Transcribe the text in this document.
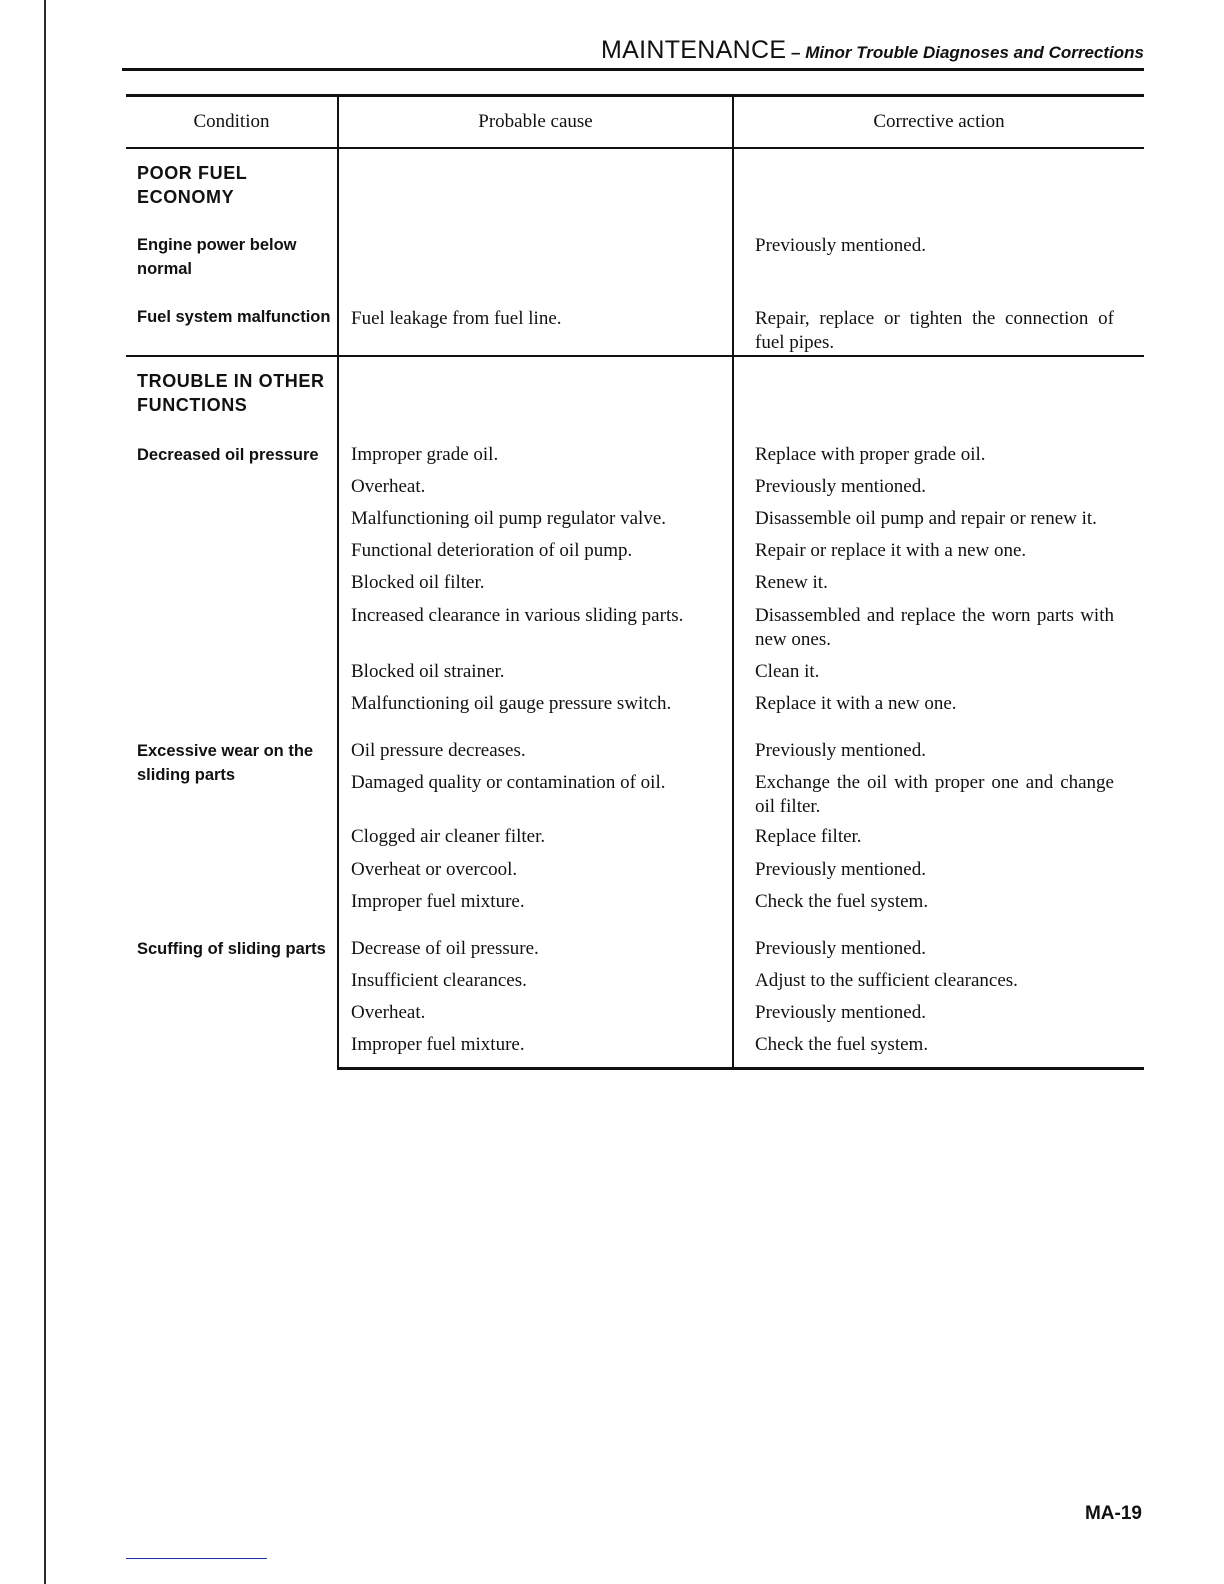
MAINTENANCE – Minor Trouble Diagnoses and Corrections
Condition	Probable cause	Corrective action

POOR FUEL ECONOMY		

Engine power below normal		Previously mentioned.

Fuel system malfunction	Fuel leakage from fuel line.	Repair, replace or tighten the connection of fuel pipes.

TROUBLE IN OTHER FUNCTIONS		

Decreased oil pressure	Improper grade oil.	Replace with proper grade oil.

	Overheat.	Previously mentioned.

	Malfunctioning oil pump regulator valve.	Disassemble oil pump and repair or renew it.

	Functional deterioration of oil pump.	Repair or replace it with a new one.

	Blocked oil filter.	Renew it.

	Increased clearance in various sliding parts.	Disassembled and replace the worn parts with new ones.

	Blocked oil strainer.	Clean it.

	Malfunctioning oil gauge pressure switch.	Replace it with a new one.

Excessive wear on the sliding parts	Oil pressure decreases.	Previously mentioned.

	Damaged quality or contamination of oil.	Exchange the oil with proper one and change oil filter.

	Clogged air cleaner filter.	Replace filter.

	Overheat or overcool.	Previously mentioned.

	Improper fuel mixture.	Check the fuel system.

Scuffing of sliding parts	Decrease of oil pressure.	Previously mentioned.

	Insufficient clearances.	Adjust to the sufficient clearances.

	Overheat.	Previously mentioned.

	Improper fuel mixture.	Check the fuel system.
MA-19
